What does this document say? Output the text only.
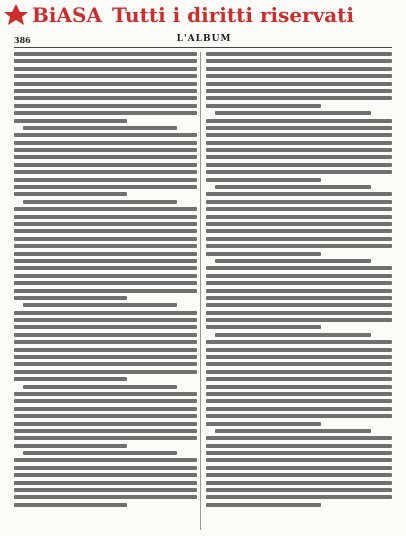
BiASA Tutti i diritti riservati
386	L'ALBUM
